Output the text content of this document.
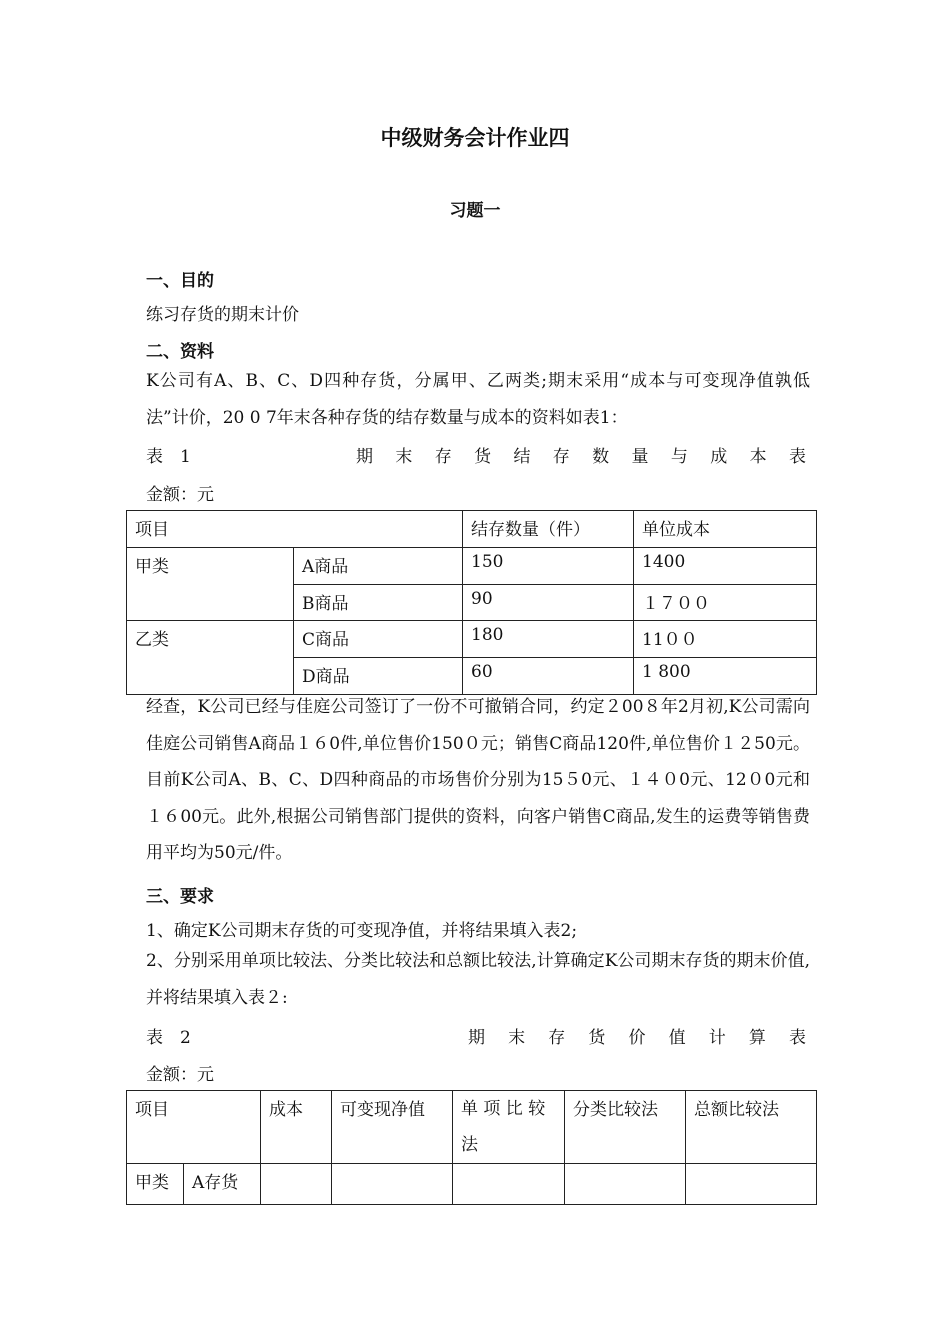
中级财务会计作业四
习题一
一、目的
练习存货的期末计价
二、资料
K公司有A、B、C、D四种存货，分属甲、乙两类;期末采用“成本与可变现净值孰低法”计价，20 0 7年末各种存货的结存数量与成本的资料如表1：
表　1	期 末 存 货 结 存 数 量 与 成 本 表
金额：元
项目		结存数量（件）	单位成本
甲类	A商品	150	1400
	B商品	90	１７００
乙类	C商品	180	11００
	D商品	60	1 800
经查，K公司已经与佳庭公司签订了一份不可撤销合同，约定２00８年2月初,K公司需向佳庭公司销售A商品１６0件,单位售价150０元；销售C商品120件,单位售价１２50元。目前K公司A、B、C、D四种商品的市场售价分别为15５0元、１４０0元、12０0元和１６00元。此外,根据公司销售部门提供的资料，向客户销售C商品,发生的运费等销售费用平均为50元/件。
三、要求
1、确定K公司期末存货的可变现净值，并将结果填入表2;
2、分别采用单项比较法、分类比较法和总额比较法,计算确定K公司期末存货的期末价值,并将结果填入表２:
表　2	期 末 存 货 价 值 计 算 表
金额：元
项目		成本	可变现净值	单 项 比 较 法	分类比较法	总额比较法
甲类	A存货					
